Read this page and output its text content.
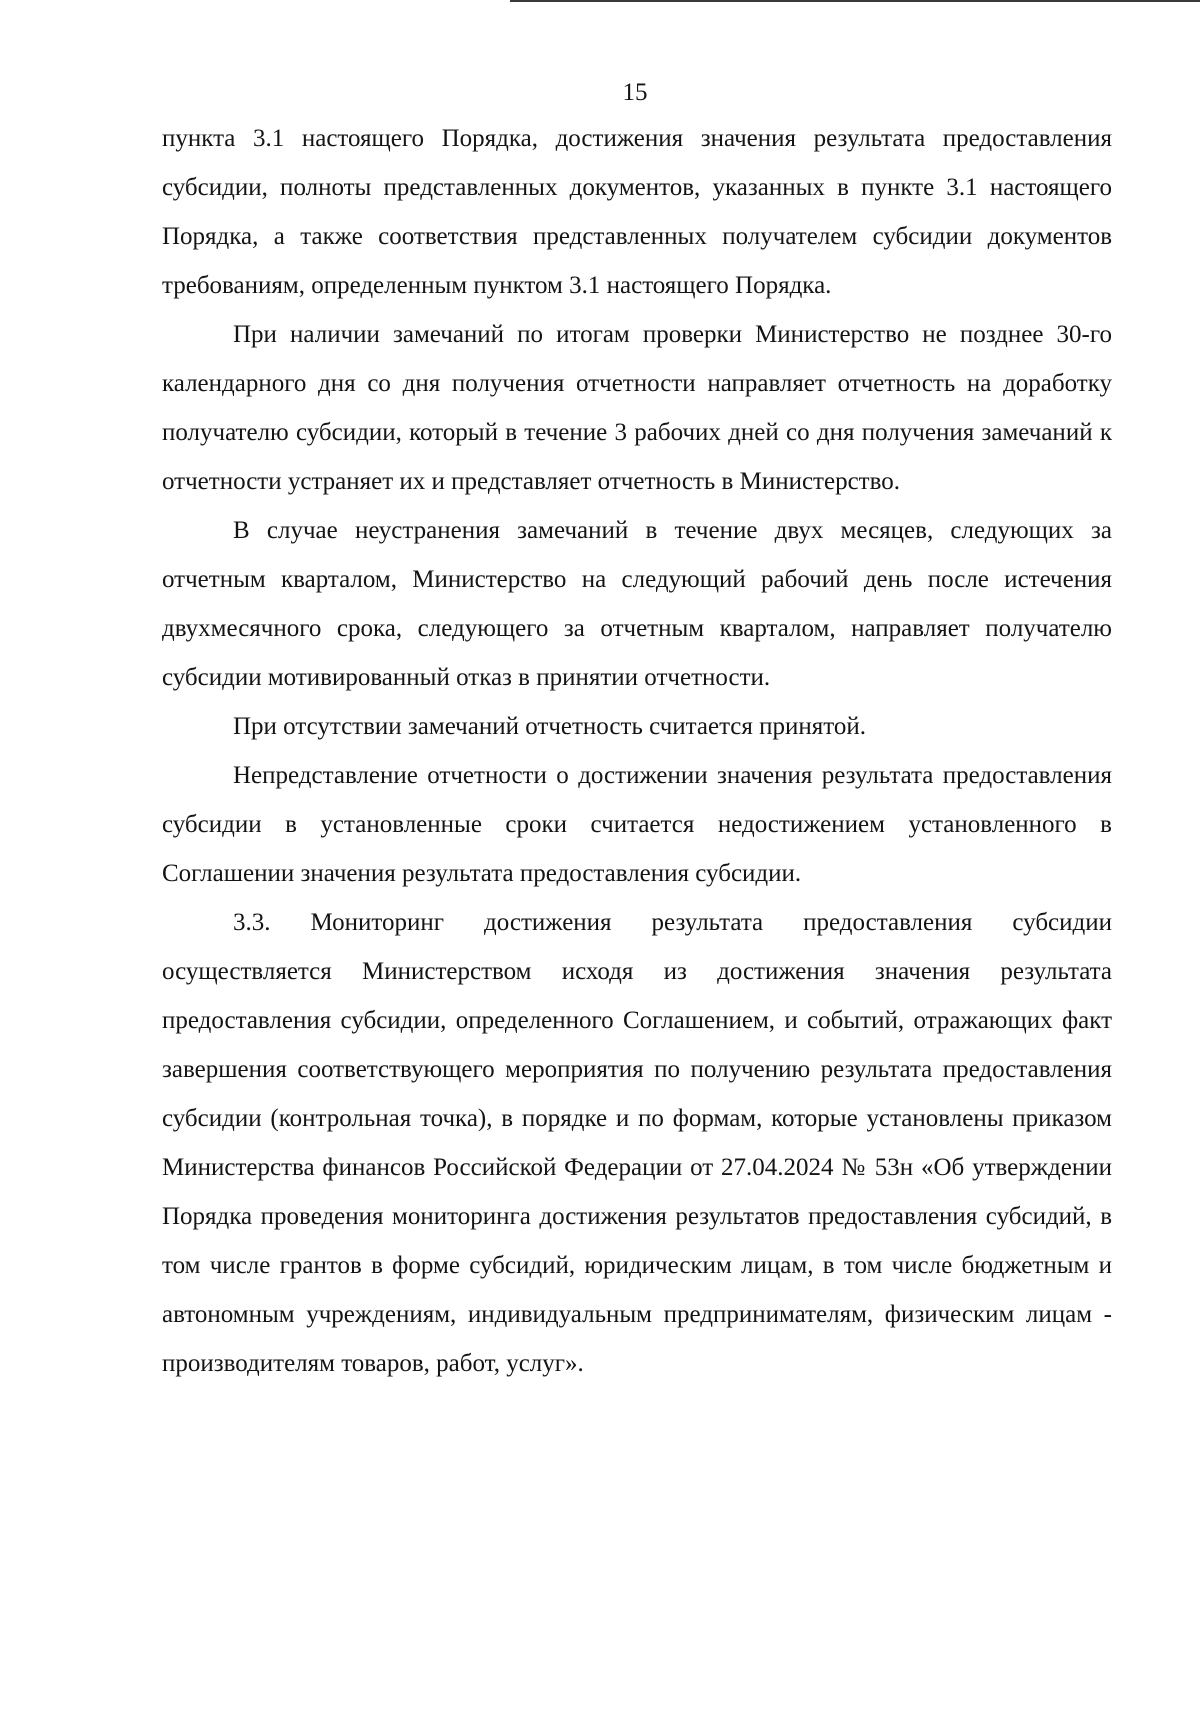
15

пункта 3.1 настоящего Порядка, достижения значения результата предоставления субсидии, полноты представленных документов, указанных в пункте 3.1 настоящего Порядка, а также соответствия представленных получателем субсидии документов требованиям, определенным пунктом 3.1 настоящего Порядка.

При наличии замечаний по итогам проверки Министерство не позднее 30-го календарного дня со дня получения отчетности направляет отчетность на доработку получателю субсидии, который в течение 3 рабочих дней со дня получения замечаний к отчетности устраняет их и представляет отчетность в Министерство.

В случае неустранения замечаний в течение двух месяцев, следующих за отчетным кварталом, Министерство на следующий рабочий день после истечения двухмесячного срока, следующего за отчетным кварталом, направляет получателю субсидии мотивированный отказ в принятии отчетности.

При отсутствии замечаний отчетность считается принятой.

Непредставление отчетности о достижении значения результата предоставления субсидии в установленные сроки считается недостижением установленного в Соглашении значения результата предоставления субсидии.

3.3. Мониторинг достижения результата предоставления субсидии осуществляется Министерством исходя из достижения значения результата предоставления субсидии, определенного Соглашением, и событий, отражающих факт завершения соответствующего мероприятия по получению результата предоставления субсидии (контрольная точка), в порядке и по формам, которые установлены приказом Министерства финансов Российской Федерации от 27.04.2024 № 53н «Об утверждении Порядка проведения мониторинга достижения результатов предоставления субсидий, в том числе грантов в форме субсидий, юридическим лицам, в том числе бюджетным и автономным учреждениям, индивидуальным предпринимателям, физическим лицам - производителям товаров, работ, услуг».
